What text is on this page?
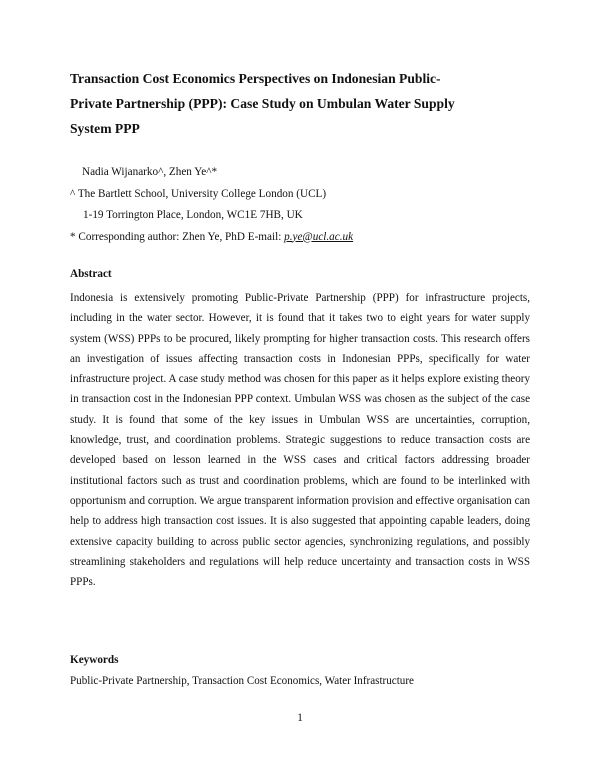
Transaction Cost Economics Perspectives on Indonesian Public-
Private Partnership (PPP): Case Study on Umbulan Water Supply
System PPP
Nadia Wijanarko^, Zhen Ye^*
^ The Bartlett School, University College London (UCL)
1-19 Torrington Place, London, WC1E 7HB, UK
* Corresponding author: Zhen Ye, PhD E-mail: p.ye@ucl.ac.uk
Abstract

Indonesia is extensively promoting Public-Private Partnership (PPP) for infrastructure projects, including in the water sector. However, it is found that it takes two to eight years for water supply system (WSS) PPPs to be procured, likely prompting for higher transaction costs. This research offers an investigation of issues affecting transaction costs in Indonesian PPPs, specifically for water infrastructure project. A case study method was chosen for this paper as it helps explore existing theory in transaction cost in the Indonesian PPP context. Umbulan WSS was chosen as the subject of the case study. It is found that some of the key issues in Umbulan WSS are uncertainties, corruption, knowledge, trust, and coordination problems. Strategic suggestions to reduce transaction costs are developed based on lesson learned in the WSS cases and critical factors addressing broader institutional factors such as trust and coordination problems, which are found to be interlinked with opportunism and corruption. We argue transparent information provision and effective organisation can help to address high transaction cost issues. It is also suggested that appointing capable leaders, doing extensive capacity building to across public sector agencies, synchronizing regulations, and possibly streamlining stakeholders and regulations will help reduce uncertainty and transaction costs in WSS PPPs.

Keywords

Public-Private Partnership, Transaction Cost Economics, Water Infrastructure

1
